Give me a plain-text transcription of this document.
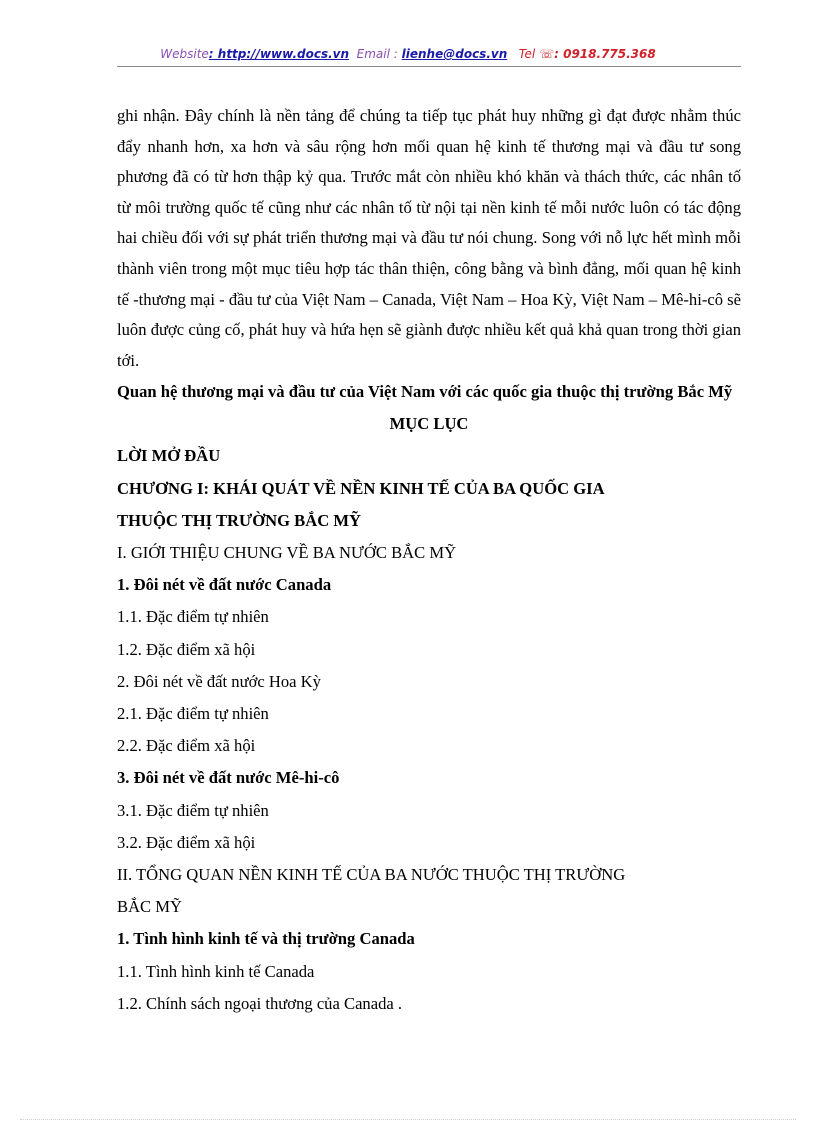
Website: http://www.docs.vn Email : lienhe@docs.vn Tel ☏: 0918.775.368

ghi nhận. Đây chính là nền tảng để chúng ta tiếp tục phát huy những gì đạt được nhằm thúc đẩy nhanh hơn, xa hơn và sâu rộng hơn mối quan hệ kinh tế thương mại và đầu tư song phương đã có từ hơn thập kỷ qua. Trước mắt còn nhiều khó khăn và thách thức, các nhân tố từ môi trường quốc tế cũng như các nhân tố từ nội tại nền kinh tế mỗi nước luôn có tác động hai chiều đối với sự phát triển thương mại và đầu tư nói chung. Song với nỗ lực hết mình mỗi thành viên trong một mục tiêu hợp tác thân thiện, công bằng và bình đẳng, mối quan hệ kinh tế -thương mại - đầu tư của Việt Nam – Canada, Việt Nam – Hoa Kỳ, Việt Nam – Mê-hi-cô sẽ luôn được củng cố, phát huy và hứa hẹn sẽ giành được nhiều kết quả khả quan trong thời gian tới.

Quan hệ thương mại và đầu tư của Việt Nam với các quốc gia thuộc thị trường Bắc Mỹ

MỤC LỤC

LỜI MỞ ĐẦU

CHƯƠNG I: KHÁI QUÁT VỀ NỀN KINH TẾ CỦA BA QUỐC GIA

THUỘC THỊ TRƯỜNG BẮC MỸ

I. GIỚI THIỆU CHUNG VỀ BA NƯỚC BẮC MỸ

1. Đôi nét về đất nước Canada

1.1. Đặc điểm tự nhiên

1.2. Đặc điểm xã hội

2. Đôi nét về đất nước Hoa Kỳ

2.1. Đặc điểm tự nhiên

2.2. Đặc điểm xã hội

3. Đôi nét về đất nước Mê-hi-cô

3.1. Đặc điểm tự nhiên

3.2. Đặc điểm xã hội

II. TỔNG QUAN NỀN KINH TẾ CỦA BA NƯỚC THUỘC THỊ TRƯỜNG

BẮC MỸ

1. Tình hình kinh tế và thị trường Canada

1.1. Tình hình kinh tế Canada

1.2. Chính sách ngoại thương của Canada .
